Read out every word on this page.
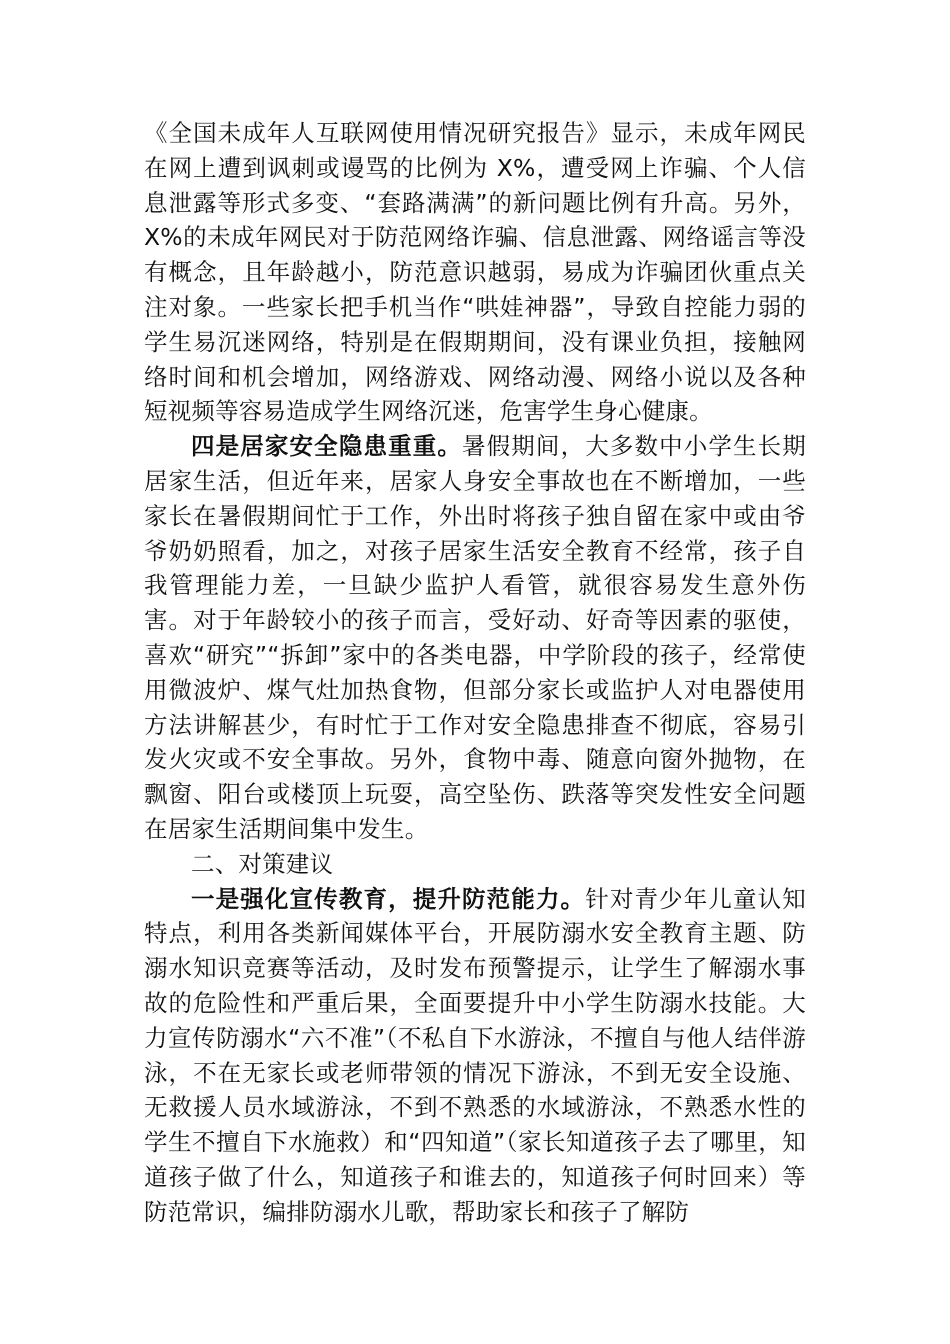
《全国未成年人互联网使用情况研究报告》显示，未成年网民在网上遭到讽刺或谩骂的比例为 X%，遭受网上诈骗、个人信息泄露等形式多变、“套路满满”的新问题比例有升高。另外，X%的未成年网民对于防范网络诈骗、信息泄露、网络谣言等没有概念，且年龄越小，防范意识越弱，易成为诈骗团伙重点关注对象。一些家长把手机当作“哄娃神器”，导致自控能力弱的学生易沉迷网络，特别是在假期期间，没有课业负担，接触网络时间和机会增加，网络游戏、网络动漫、网络小说以及各种短视频等容易造成学生网络沉迷，危害学生身心健康。

四是居家安全隐患重重。暑假期间，大多数中小学生长期居家生活，但近年来，居家人身安全事故也在不断增加，一些家长在暑假期间忙于工作，外出时将孩子独自留在家中或由爷爷奶奶照看，加之，对孩子居家生活安全教育不经常，孩子自我管理能力差，一旦缺少监护人看管，就很容易发生意外伤害。对于年龄较小的孩子而言，受好动、好奇等因素的驱使，喜欢“研究”“拆卸”家中的各类电器，中学阶段的孩子，经常使用微波炉、煤气灶加热食物，但部分家长或监护人对电器使用方法讲解甚少，有时忙于工作对安全隐患排查不彻底，容易引发火灾或不安全事故。另外，食物中毒、随意向窗外抛物，在飘窗、阳台或楼顶上玩耍，高空坠伤、跌落等突发性安全问题在居家生活期间集中发生。

二、对策建议

一是强化宣传教育，提升防范能力。针对青少年儿童认知特点，利用各类新闻媒体平台，开展防溺水安全教育主题、防溺水知识竞赛等活动，及时发布预警提示，让学生了解溺水事故的危险性和严重后果，全面要提升中小学生防溺水技能。大力宣传防溺水“六不准”（不私自下水游泳，不擅自与他人结伴游泳，不在无家长或老师带领的情况下游泳，不到无安全设施、无救援人员水域游泳，不到不熟悉的水域游泳，不熟悉水性的学生不擅自下水施救）和“四知道”（家长知道孩子去了哪里，知道孩子做了什么，知道孩子和谁去的，知道孩子何时回来）等防范常识，编排防溺水儿歌，帮助家长和孩子了解防
